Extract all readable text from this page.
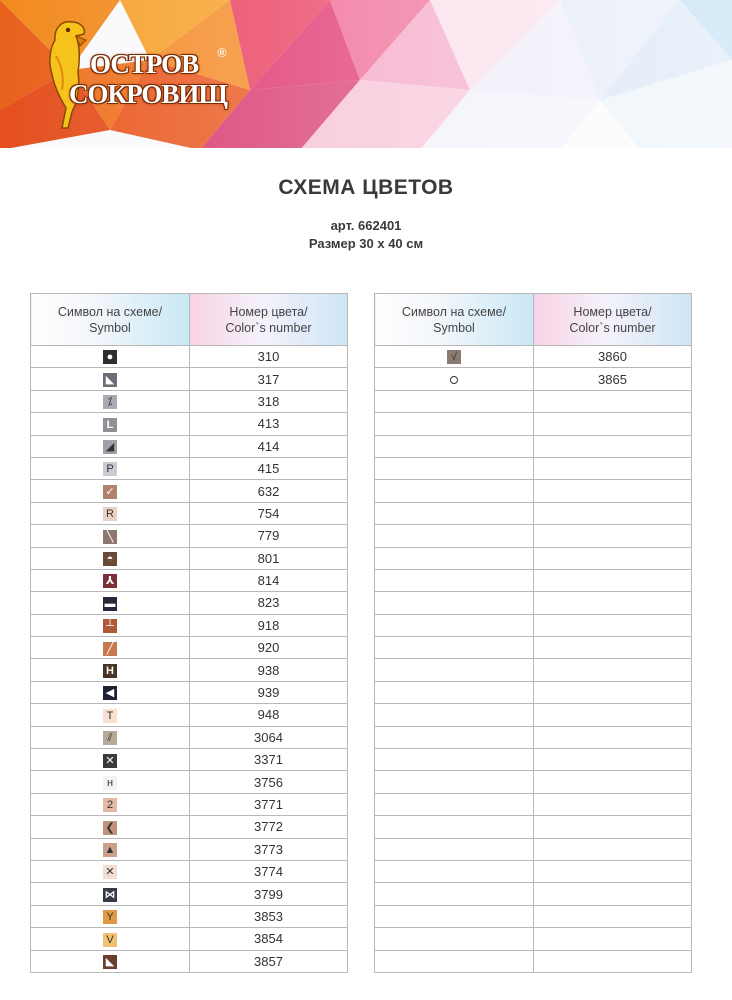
ОСТРОВ
СОКРОВИЩ
®
СХЕМА ЦВЕТОВ
арт. 662401
Размер 30 x 40 см
Символ на схеме/
Symbol	Номер цвета/
Color`s number
●	310
◣	317
⁒	318
L	413
◢	414
P	415
✓	632
R	754
╲	779
◓	801
⅄	814
▬	823
┴	918
╱	920
H	938
◀	939
T	948
⫽	3064
✕	3371
н	3756
2	3771
❮	3772
▲	3773
✕	3774
⋈	3799
Y	3853
V	3854
◣	3857
Символ на схеме/
Symbol	Номер цвета/
Color`s number
√	3860
	3865
